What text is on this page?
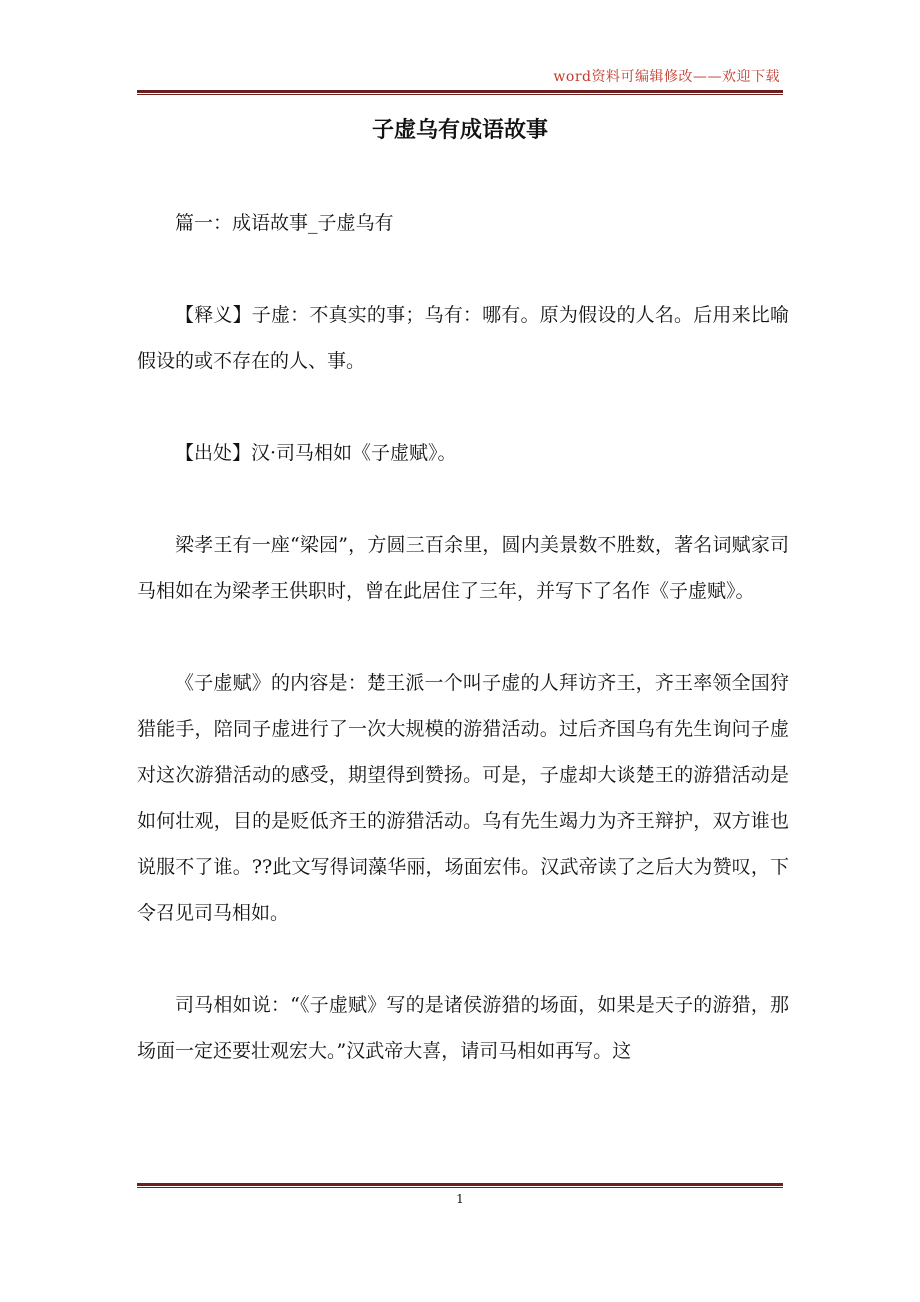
word资料可编辑修改——欢迎下载
子虚乌有成语故事

篇一：成语故事_子虚乌有

【释义】子虚：不真实的事；乌有：哪有。原为假设的人名。后用来比喻假设的或不存在的人、事。

【出处】汉·司马相如《子虚赋》。

梁孝王有一座“梁园”，方圆三百余里，圆内美景数不胜数，著名词赋家司马相如在为梁孝王供职时，曾在此居住了三年，并写下了名作《子虚赋》。

《子虚赋》的内容是：楚王派一个叫子虚的人拜访齐王，齐王率领全国狩猎能手，陪同子虚进行了一次大规模的游猎活动。过后齐国乌有先生询问子虚对这次游猎活动的感受，期望得到赞扬。可是，子虚却大谈楚王的游猎活动是如何壮观，目的是贬低齐王的游猎活动。乌有先生竭力为齐王辩护，双方谁也说服不了谁。??此文写得词藻华丽，场面宏伟。汉武帝读了之后大为赞叹，下令召见司马相如。

司马相如说：“《子虚赋》写的是诸侯游猎的场面，如果是天子的游猎，那场面一定还要壮观宏大。”汉武帝大喜，请司马相如再写。这

1
